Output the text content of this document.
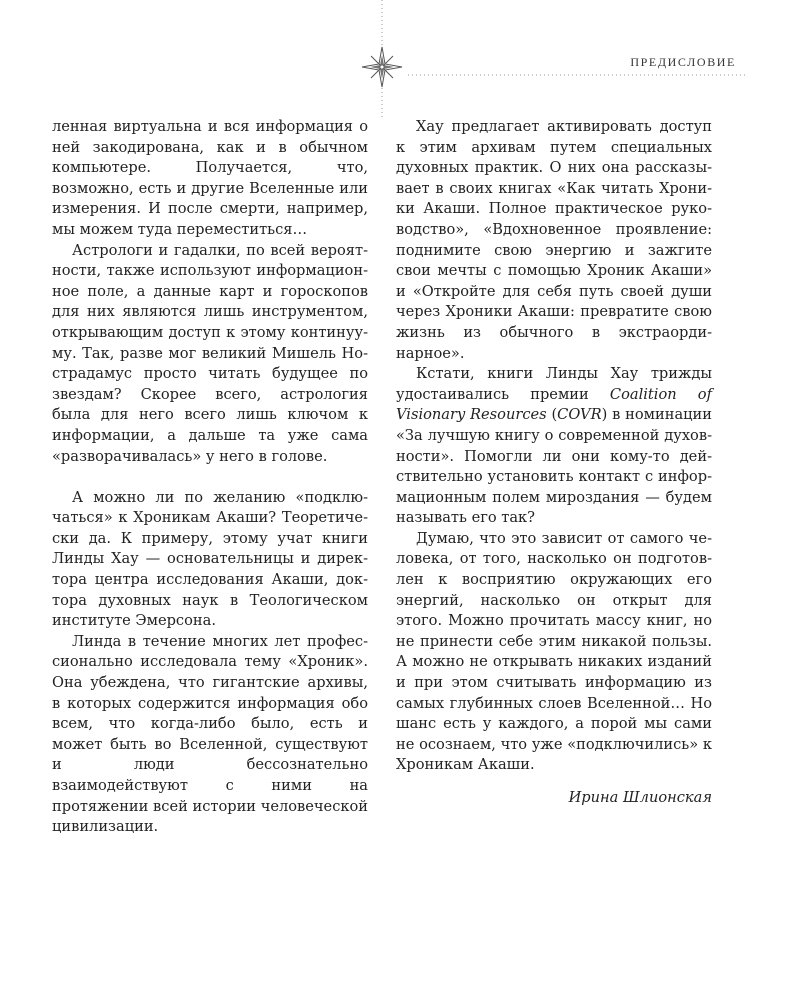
ПРЕДИСЛОВИЕ

ленная виртуальна и вся информация о ней закодирована, как и в обычном компьютере. Получается, что, возможно, есть и другие Вселенные или измерения. И после смерти, например, мы можем туда переместиться…

Астрологи и гадалки, по всей вероятности, также используют информационное поле, а данные карт и гороскопов для них являются лишь инструментом, открывающим доступ к этому континууму. Так, разве мог великий Мишель Нострадамус просто читать будущее по звездам? Скорее всего, астрология была для него всего лишь ключом к информации, а дальше та уже сама «разворачивалась» у него в голове.

А можно ли по желанию «подключаться» к Хроникам Акаши? Теоретически да. К примеру, этому учат книги Линды Хау — основательницы и директора центра исследования Акаши, доктора духовных наук в Теологическом институте Эмерсона.

Линда в течение многих лет профессионально исследовала тему «Хроник». Она убеждена, что гигантские архивы, в которых содержится информация обо всем, что когда-либо было, есть и может быть во Вселенной, существуют и люди бессознательно взаимодействуют с ними на протяжении всей истории человеческой цивилизации.

Хау предлагает активировать доступ к этим архивам путем специальных духовных практик. О них она рассказывает в своих книгах «Как читать Хроники Акаши. Полное практическое руководство», «Вдохновенное проявление: поднимите свою энергию и зажгите свои мечты с помощью Хроник Акаши» и «Откройте для себя путь своей души через Хроники Акаши: превратите свою жизнь из обычного в экстраординарное».

Кстати, книги Линды Хау трижды удостаивались премии Coalition of Visionary Resources (COVR) в номинации «За лучшую книгу о современной духовности». Помогли ли они кому-то действительно установить контакт с информационным полем мироздания — будем называть его так?

Думаю, что это зависит от самого человека, от того, насколько он подготовлен к восприятию окружающих его энергий, насколько он открыт для этого. Можно прочитать массу книг, но не принести себе этим никакой пользы. А можно не открывать никаких изданий и при этом считывать информацию из самых глубинных слоев Вселенной… Но шанс есть у каждого, а порой мы сами не осознаем, что уже «подключились» к Хроникам Акаши.

Ирина Шлионская
